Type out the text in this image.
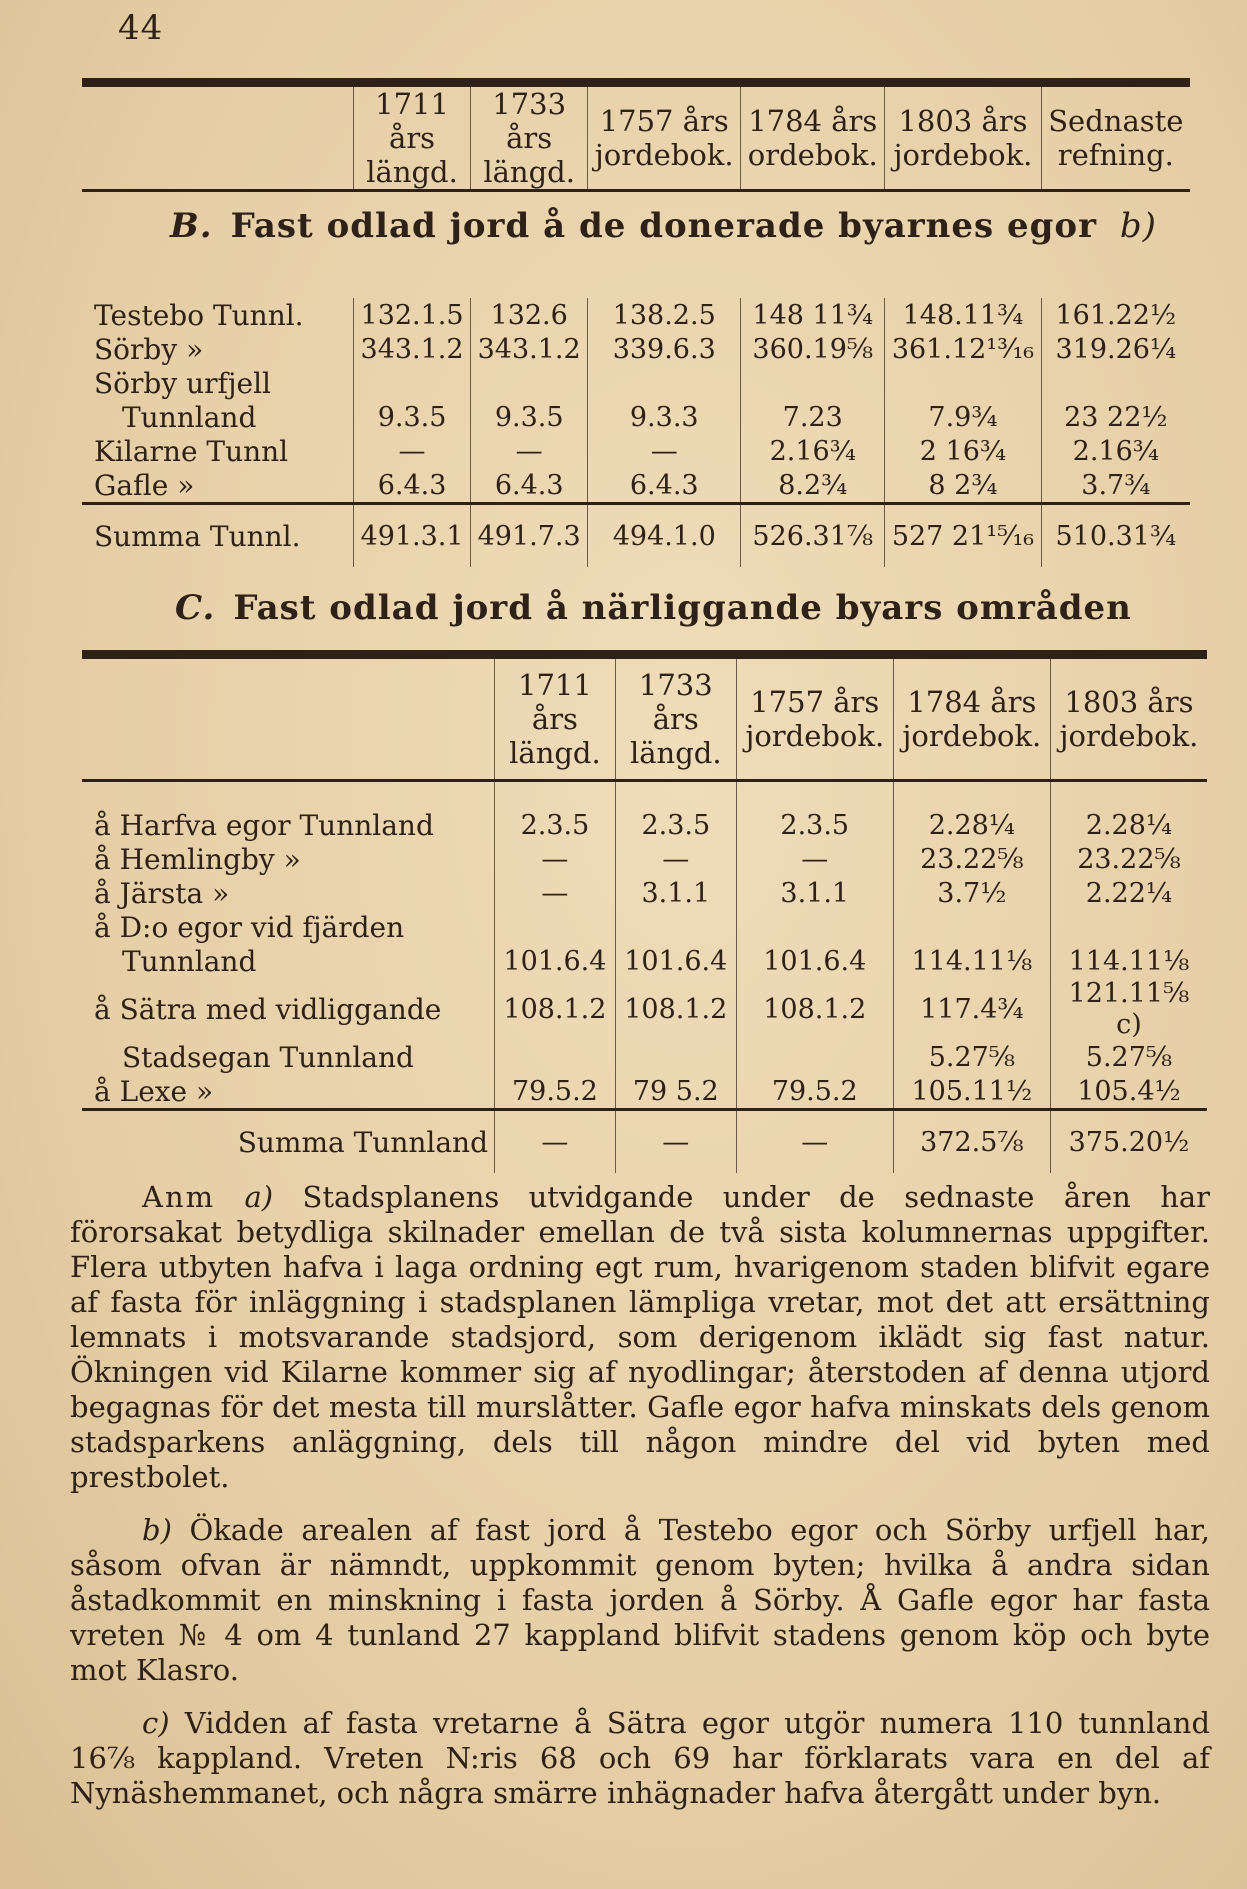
44
	1711 års längd.	1733 års längd.	1757 års jordebok.	1784 års ordebok.	1803 års jordebok.	Sednaste refning.

Testebo Tunnl.	132.1.5	132.6	138.2.5	148 11¾	148.11¾	161.22½
Sörby »	343.1.2	343.1.2	339.6.3	360.19⅝	361.12¹³⁄₁₆	319.26¼
Sörby urfjell						
Tunnland	9.3.5	9.3.5	9.3.3	7.23	7.9¾	23 22½
Kilarne Tunnl	—	—	—	2.16¾	2 16¾	2.16¾
Gafle »	6.4.3	6.4.3	6.4.3	8.2¾	8 2¾	3.7¾
Summa Tunnl.	491.3.1	491.7.3	494.1.0	526.31⅞	527 21¹⁵⁄₁₆	510.31¾
B. Fast odlad jord å de donerade byarnes egor b)
C. Fast odlad jord å närliggande byars områden
	1711 års längd.	1733 års längd.	1757 års jordebok.	1784 års jordebok.	1803 års jordebok.
å Harfva egor Tunnland	2.3.5	2.3.5	2.3.5	2.28¼	2.28¼
å Hemlingby »	—	—	—	23.22⅝	23.22⅝
å Järsta »	—	3.1.1	3.1.1	3.7½	2.22¼
å D:o egor vid fjärden					
Tunnland	101.6.4	101.6.4	101.6.4	114.11⅛	114.11⅛
å Sätra med vidliggande	108.1.2	108.1.2	108.1.2	117.4¾	121.11⅝ c)
Stadsegan Tunnland				5.27⅝	5.27⅝
å Lexe »	79.5.2	79 5.2	79.5.2	105.11½	105.4½
Summa Tunnland	—	—	—	372.5⅞	375.20½

Anm a) Stadsplanens utvidgande under de sednaste åren har förorsakat betydliga skilnader emellan de två sista kolumnernas uppgifter. Flera utbyten hafva i laga ordning egt rum, hvarigenom staden blifvit egare af fasta för inläggning i stadsplanen lämpliga vretar, mot det att ersättning lemnats i motsvarande stadsjord, som derigenom iklädt sig fast natur. Ökningen vid Kilarne kommer sig af nyodlingar; återstoden af denna utjord begagnas för det mesta till murslåtter. Gafle egor hafva minskats dels genom stadsparkens anläggning, dels till någon mindre del vid byten med prestbolet.

b) Ökade arealen af fast jord å Testebo egor och Sörby urfjell har, såsom ofvan är nämndt, uppkommit genom byten; hvilka å andra sidan åstadkommit en minskning i fasta jorden å Sörby. Å Gafle egor har fasta vreten № 4 om 4 tunland 27 kappland blifvit stadens genom köp och byte mot Klasro.

c) Vidden af fasta vretarne å Sätra egor utgör numera 110 tunnland 16⅞ kappland. Vreten N:ris 68 och 69 har förklarats vara en del af Nynäshemmanet, och några smärre inhägnader hafva återgått under byn.
